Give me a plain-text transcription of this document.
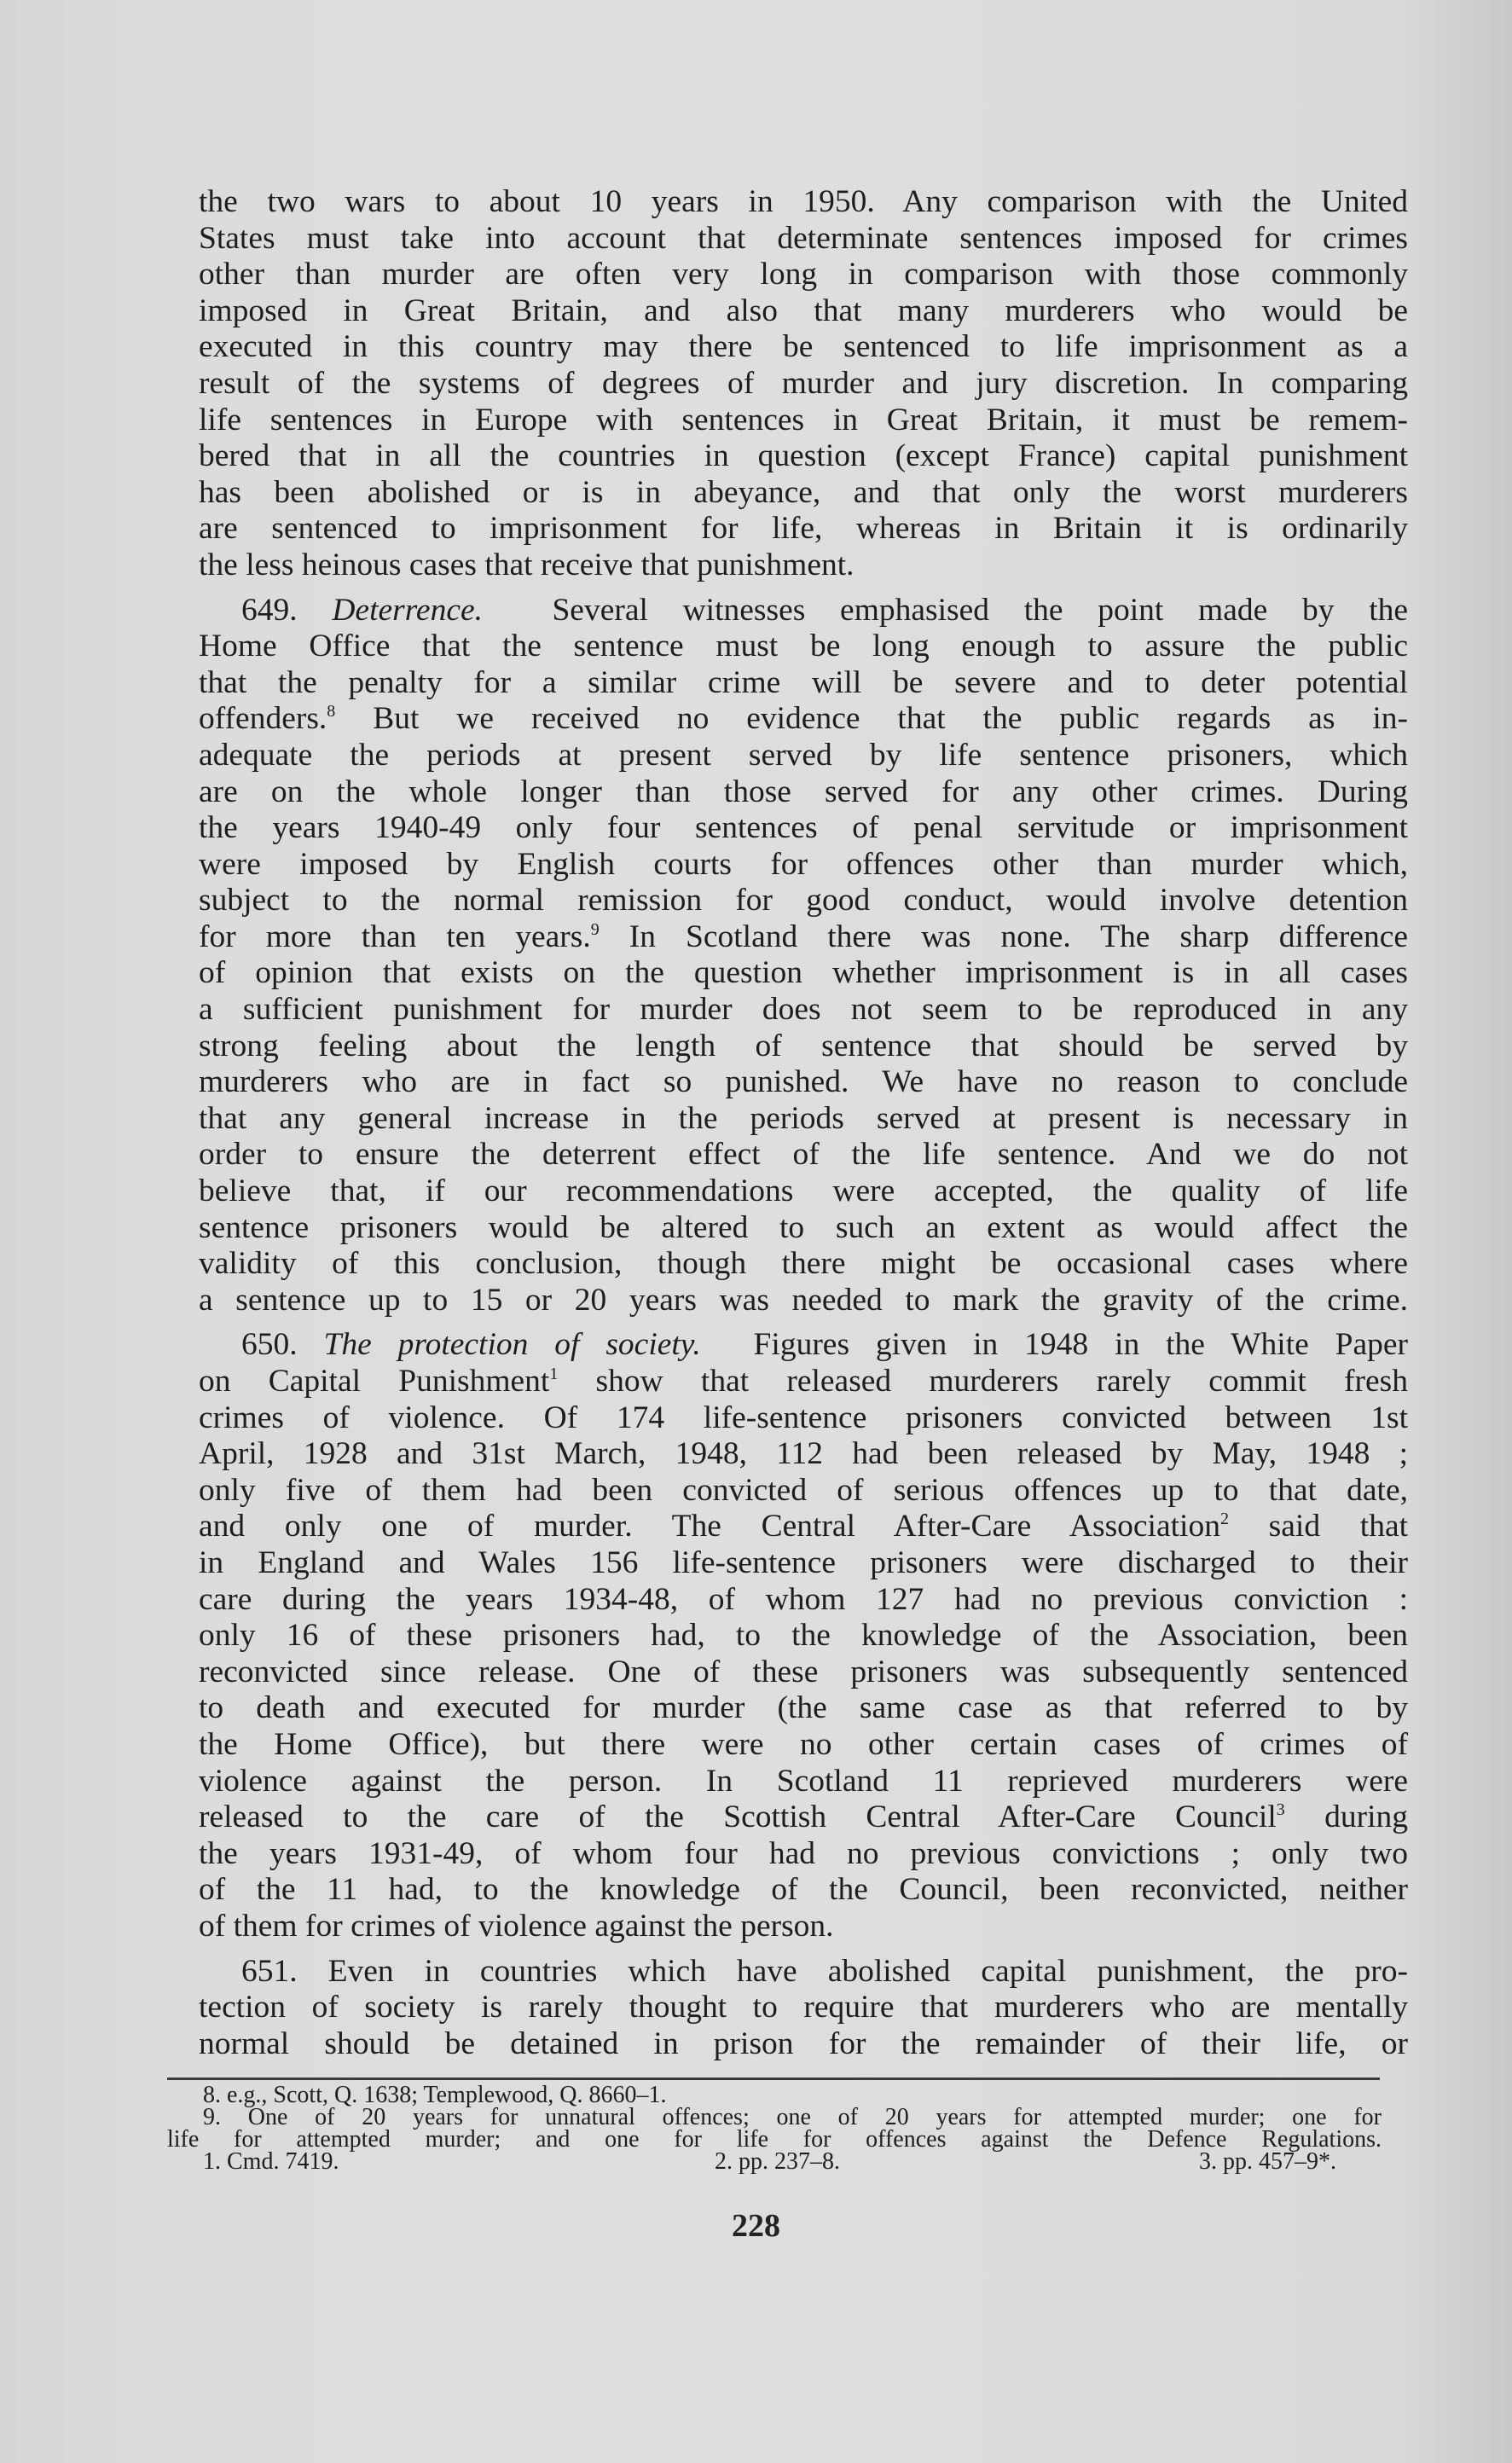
the two wars to about 10 years in 1950. Any comparison with the United
States must take into account that determinate sentences imposed for crimes
other than murder are often very long in comparison with those commonly
imposed in Great Britain, and also that many murderers who would be
executed in this country may there be sentenced to life imprisonment as a
result of the systems of degrees of murder and jury discretion. In comparing
life sentences in Europe with sentences in Great Britain, it must be remem-
bered that in all the countries in question (except France) capital punishment
has been abolished or is in abeyance, and that only the worst murderers
are sentenced to imprisonment for life, whereas in Britain it is ordinarily
the less heinous cases that receive that punishment.
649. Deterrence. Several witnesses emphasised the point made by the
Home Office that the sentence must be long enough to assure the public
that the penalty for a similar crime will be severe and to deter potential
offenders.$^8$ But we received no evidence that the public regards as in-
adequate the periods at present served by life sentence prisoners, which
are on the whole longer than those served for any other crimes. During
the years 1940-49 only four sentences of penal servitude or imprisonment
were imposed by English courts for offences other than murder which,
subject to the normal remission for good conduct, would involve detention
for more than ten years.$^9$ In Scotland there was none. The sharp difference
of opinion that exists on the question whether imprisonment is in all cases
a sufficient punishment for murder does not seem to be reproduced in any
strong feeling about the length of sentence that should be served by
murderers who are in fact so punished. We have no reason to conclude
that any general increase in the periods served at present is necessary in
order to ensure the deterrent effect of the life sentence. And we do not
believe that, if our recommendations were accepted, the quality of life
sentence prisoners would be altered to such an extent as would affect the
validity of this conclusion, though there might be occasional cases where
a sentence up to 15 or 20 years was needed to mark the gravity of the crime.
650. The protection of society. Figures given in 1948 in the White Paper
on Capital Punishment$^1$ show that released murderers rarely commit fresh
crimes of violence. Of 174 life-sentence prisoners convicted between 1st
April, 1928 and 31st March, 1948, 112 had been released by May, 1948 ;
only five of them had been convicted of serious offences up to that date,
and only one of murder. The Central After-Care Association$^2$ said that
in England and Wales 156 life-sentence prisoners were discharged to their
care during the years 1934-48, of whom 127 had no previous conviction :
only 16 of these prisoners had, to the knowledge of the Association, been
reconvicted since release. One of these prisoners was subsequently sentenced
to death and executed for murder (the same case as that referred to by
the Home Office), but there were no other certain cases of crimes of
violence against the person. In Scotland 11 reprieved murderers were
released to the care of the Scottish Central After-Care Council$^3$ during
the years 1931-49, of whom four had no previous convictions ; only two
of the 11 had, to the knowledge of the Council, been reconvicted, neither
of them for crimes of violence against the person.
651. Even in countries which have abolished capital punishment, the pro-
tection of society is rarely thought to require that murderers who are mentally
normal should be detained in prison for the remainder of their life, or
8. e.g., Scott, Q. 1638; Templewood, Q. 8660–1.
9. One of 20 years for unnatural offences; one of 20 years for attempted murder; one for
life for attempted murder; and one for life for offences against the Defence Regulations.
1. Cmd. 7419.	2. pp. 237–8.	3. pp. 457–9*.
228
